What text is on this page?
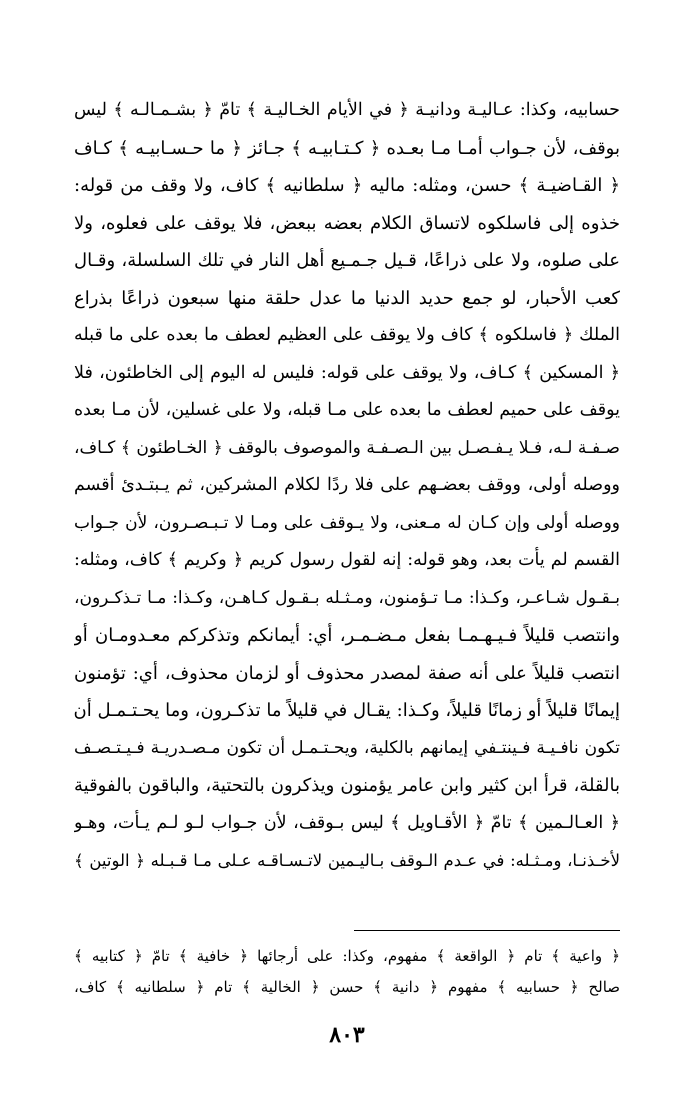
حسابيه، وكذا: عـاليـة ودانيـة ﴿ في الأيام الخـاليـة ﴾ تامّ ﴿ بشـمـالـه ﴾ ليس
بوقف، لأن جـواب أمـا مـا بعـده ﴿ كـتـابيـه ﴾ جـائز ﴿ ما حـسـابيـه ﴾ كـاف
﴿ القـاضيـة ﴾ حسن، ومثله: ماليه ﴿ سلطانيه ﴾ كاف، ولا وقف من قوله:
خذوه إلى فاسلكوه لاتساق الكلام بعضه ببعض، فلا يوقف على فعلوه، ولا
على صلوه، ولا على ذراعًا، قـيل جـمـيع أهل النار في تلك السلسلة، وقـال
كعب الأحبار، لو جمع حديد الدنيا ما عدل حلقة منها سبعون ذراعًا بذراع
الملك ﴿ فاسلكوه ﴾ كاف ولا يوقف على العظيم لعطف ما بعده على ما قبله
﴿ المسكين ﴾ كـاف، ولا يوقف على قوله: فليس له اليوم إلى الخاطئون، فلا
يوقف على حميم لعطف ما بعده على مـا قبله، ولا على غسلين، لأن مـا بعده
صـفـة لـه، فـلا يـفـصـل بين الـصـفـة والموصوف بالوقف ﴿ الخـاطئون ﴾ كـاف،
ووصله أولى، ووقف بعضـهم على فلا ردًا لكلام المشركين، ثم يـبتـدئ أقسم
ووصله أولى وإن كـان له مـعنى، ولا يـوقف على ومـا لا تـبـصـرون، لأن جـواب
القسم لم يأت بعد، وهو قوله: إنه لقول رسول كريم ﴿ وكريم ﴾ كاف، ومثله:
بـقـول شـاعـر، وكـذا: مـا تـؤمنون، ومـثـله بـقـول كـاهـن، وكـذا: مـا تـذكـرون،
وانتصب قليلاً فـيـهـمـا بفعل مـضـمـر، أي: أيمانكم وتذكركم معـدومـان أو
انتصب قليلاً على أنه صفة لمصدر محذوف أو لزمان محذوف، أي: تؤمنون
إيمانًا قليلاً أو زمانًا قليلاً، وكـذا: يقـال في قليلاً ما تذكـرون، وما يحـتـمـل أن
تكون نافـيـة فـينتـفي إيمانهم بالكلية، ويحـتـمـل أن تكون مـصـدريـة فـيـتـصـف
بالقلة، قرأ ابن كثير وابن عامر يؤمنون ويذكرون بالتحتية، والباقون بالفوقية
﴿ العـالـمين ﴾ تامّ ﴿ الأقـاويل ﴾ ليس بـوقف، لأن جـواب لـو لـم يـأت، وهـو
لأخـذنـا، ومـثـله: في عـدم الـوقف بـاليـمين لاتـسـاقـه عـلى مـا قـبـله ﴿ الوتين ﴾
﴿ واعية ﴾ تام ﴿ الواقعة ﴾ مفهوم، وكذا: على أرجائها ﴿ خافية ﴾ تامّ ﴿ كتابيه ﴾
صالح ﴿ حسابيه ﴾ مفهوم ﴿ دانية ﴾ حسن ﴿ الخالية ﴾ تام ﴿ سلطانيه ﴾ كاف،
٨٠٣
